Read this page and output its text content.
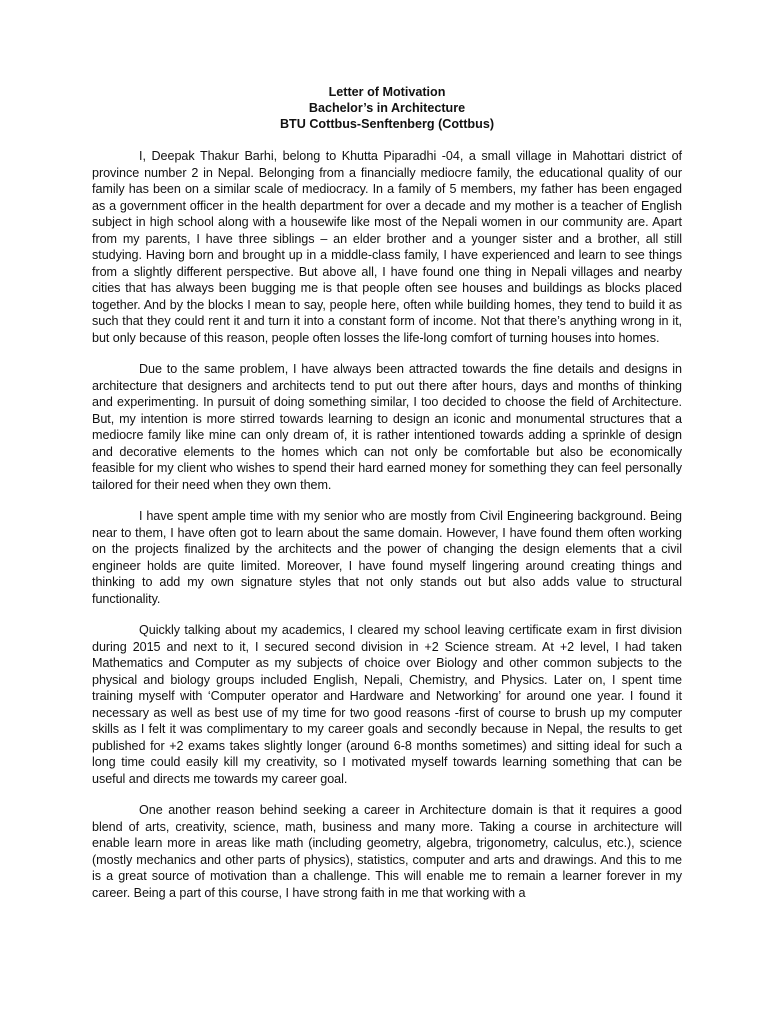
Letter of Motivation
Bachelor’s in Architecture
BTU Cottbus-Senftenberg (Cottbus)

I, Deepak Thakur Barhi, belong to Khutta Piparadhi -04, a small village in Mahottari district of province number 2 in Nepal. Belonging from a financially mediocre family, the educational quality of our family has been on a similar scale of mediocracy. In a family of 5 members, my father has been engaged as a government officer in the health department for over a decade and my mother is a teacher of English subject in high school along with a housewife like most of the Nepali women in our community are. Apart from my parents, I have three siblings – an elder brother and a younger sister and a brother, all still studying. Having born and brought up in a middle-class family, I have experienced and learn to see things from a slightly different perspective. But above all, I have found one thing in Nepali villages and nearby cities that has always been bugging me is that people often see houses and buildings as blocks placed together. And by the blocks I mean to say, people here, often while building homes, they tend to build it as such that they could rent it and turn it into a constant form of income. Not that there’s anything wrong in it, but only because of this reason, people often losses the life-long comfort of turning houses into homes.

Due to the same problem, I have always been attracted towards the fine details and designs in architecture that designers and architects tend to put out there after hours, days and months of thinking and experimenting. In pursuit of doing something similar, I too decided to choose the field of Architecture. But, my intention is more stirred towards learning to design an iconic and monumental structures that a mediocre family like mine can only dream of, it is rather intentioned towards adding a sprinkle of design and decorative elements to the homes which can not only be comfortable but also be economically feasible for my client who wishes to spend their hard earned money for something they can feel personally tailored for their need when they own them.

I have spent ample time with my senior who are mostly from Civil Engineering background. Being near to them, I have often got to learn about the same domain. However, I have found them often working on the projects finalized by the architects and the power of changing the design elements that a civil engineer holds are quite limited. Moreover, I have found myself lingering around creating things and thinking to add my own signature styles that not only stands out but also adds value to structural functionality.

Quickly talking about my academics, I cleared my school leaving certificate exam in first division during 2015 and next to it, I secured second division in +2 Science stream. At +2 level, I had taken Mathematics and Computer as my subjects of choice over Biology and other common subjects to the physical and biology groups included English, Nepali, Chemistry, and Physics. Later on, I spent time training myself with ‘Computer operator and Hardware and Networking’ for around one year. I found it necessary as well as best use of my time for two good reasons -first of course to brush up my computer skills as I felt it was complimentary to my career goals and secondly because in Nepal, the results to get published for +2 exams takes slightly longer (around 6-8 months sometimes) and sitting ideal for such a long time could easily kill my creativity, so I motivated myself towards learning something that can be useful and directs me towards my career goal.

One another reason behind seeking a career in Architecture domain is that it requires a good blend of arts, creativity, science, math, business and many more. Taking a course in architecture will enable learn more in areas like math (including geometry, algebra, trigonometry, calculus, etc.), science (mostly mechanics and other parts of physics), statistics, computer and arts and drawings. And this to me is a great source of motivation than a challenge. This will enable me to remain a learner forever in my career. Being a part of this course, I have strong faith in me that working with a
